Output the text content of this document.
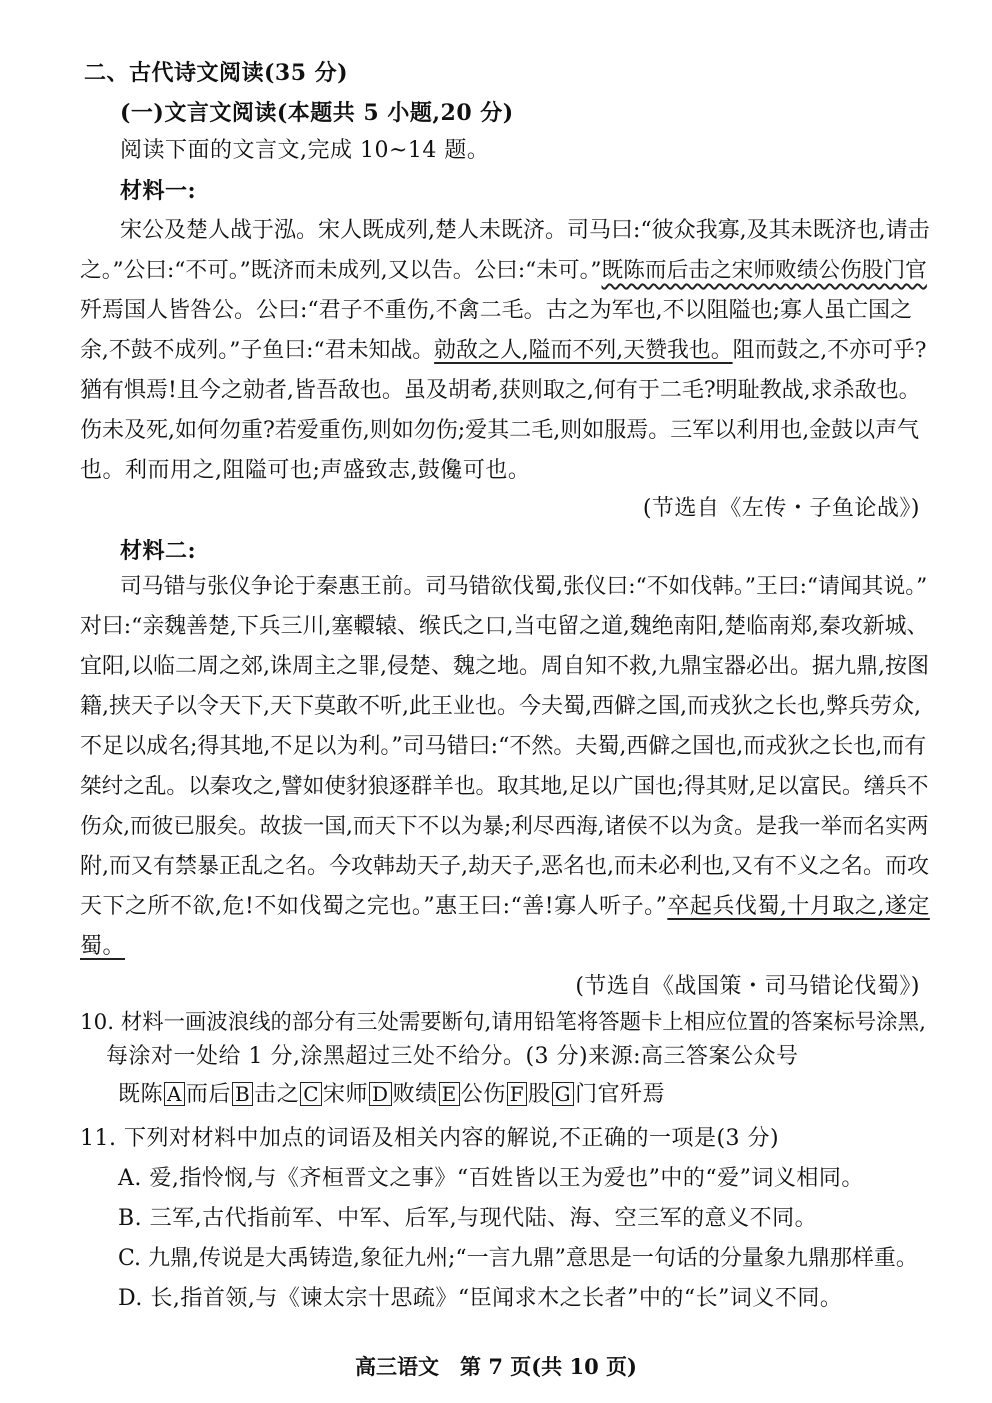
二、古代诗文阅读(35 分)
(一)文言文阅读(本题共 5 小题,20 分)
阅读下面的文言文,完成 10~14 题。
材料一:
宋公及楚人战于泓。宋人既成列,楚人未既济。司马曰:“彼众我寡,及其未既济也,请击
之。”公曰:“不可。”既济而未成列,又以告。公曰:“未可。”既陈而后击之宋师败绩公伤股门官
歼焉国人皆咎公。公曰:“君子不重伤,不禽二毛。古之为军也,不以阻隘也;寡人虽亡国之
余,不鼓不成列。”子鱼曰:“君未知战。勍敌之人,隘而不列,天赞我也。阻而鼓之,不亦可乎?
猶有惧焉!且今之勍者,皆吾敌也。虽及胡耇,获则取之,何有于二毛?明耻教战,求杀敌也。
伤未及死,如何勿重?若爱重伤,则如勿伤;爱其二毛,则如服焉。三军以利用也,金鼓以声气
也。利而用之,阻隘可也;声盛致志,鼓儳可也。
(节选自《左传・子鱼论战》)
材料二:
司马错与张仪争论于秦惠王前。司马错欲伐蜀,张仪曰:“不如伐韩。”王曰:“请闻其说。”
对曰:“亲魏善楚,下兵三川,塞轘辕、缑氏之口,当屯留之道,魏绝南阳,楚临南郑,秦攻新城、
宜阳,以临二周之郊,诛周主之罪,侵楚、魏之地。周自知不救,九鼎宝器必出。据九鼎,按图
籍,挟天子以令天下,天下莫敢不听,此王业也。今夫蜀,西僻之国,而戎狄之长也,弊兵劳众,
不足以成名;得其地,不足以为利。”司马错曰:“不然。夫蜀,西僻之国也,而戎狄之长也,而有
桀纣之乱。以秦攻之,譬如使豺狼逐群羊也。取其地,足以广国也;得其财,足以富民。缮兵不
伤众,而彼已服矣。故拔一国,而天下不以为暴;利尽西海,诸侯不以为贪。是我一举而名实两
附,而又有禁暴正乱之名。今攻韩劫天子,劫天子,恶名也,而未必利也,又有不义之名。而攻
天下之所不欲,危!不如伐蜀之完也。”惠王曰:“善!寡人听子。”卒起兵伐蜀,十月取之,遂定
蜀。
(节选自《战国策・司马错论伐蜀》)
10. 材料一画波浪线的部分有三处需要断句,请用铅笔将答题卡上相应位置的答案标号涂黑,
每涂对一处给 1 分,涂黑超过三处不给分。(3 分)来源:高三答案公众号
既陈 A 而后 B 击之 C 宋师 D 败绩 E 公伤 F 股 G 门官歼焉
11. 下列对材料中加点的词语及相关内容的解说,不正确的一项是(3 分)
A. 爱,指怜悯,与《齐桓晋文之事》“百姓皆以王为爱也”中的“爱”词义相同。
B. 三军,古代指前军、中军、后军,与现代陆、海、空三军的意义不同。
C. 九鼎,传说是大禹铸造,象征九州;“一言九鼎”意思是一句话的分量象九鼎那样重。
D. 长,指首领,与《谏太宗十思疏》“臣闻求木之长者”中的“长”词义不同。
高三语文　第 7 页(共 10 页)
